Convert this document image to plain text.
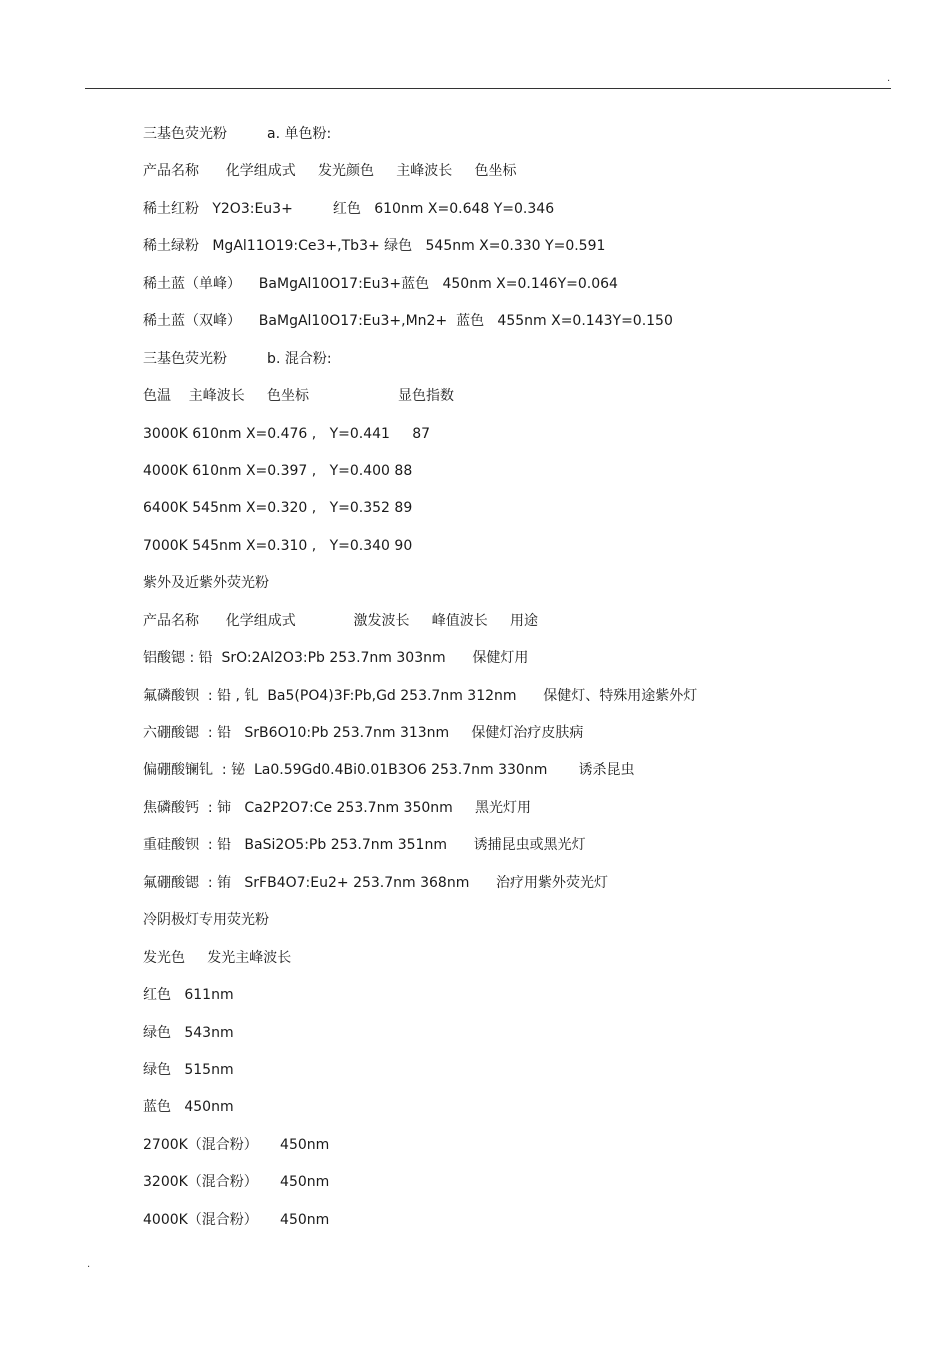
.
.
三基色荧光粉         a. 单色粉:
产品名称      化学组成式     发光颜色     主峰波长     色坐标
稀土红粉   Y2O3:Eu3+         红色   610nm X=0.648 Y=0.346
稀土绿粉   MgAl11O19:Ce3+,Tb3+ 绿色   545nm X=0.330 Y=0.591
稀土蓝（单峰）    BaMgAl10O17:Eu3+蓝色   450nm X=0.146Y=0.064
稀土蓝（双峰）    BaMgAl10O17:Eu3+,Mn2+  蓝色   455nm X=0.143Y=0.150
三基色荧光粉         b. 混合粉:
色温    主峰波长     色坐标                    显色指数
3000K 610nm X=0.476 ,   Y=0.441     87
4000K 610nm X=0.397 ,   Y=0.400 88
6400K 545nm X=0.320 ,   Y=0.352 89
7000K 545nm X=0.310 ,   Y=0.340 90
紫外及近紫外荧光粉
产品名称      化学组成式             激发波长     峰值波长     用途
铝酸锶 : 铅  SrO:2Al2O3:Pb 253.7nm 303nm      保健灯用
氟磷酸钡  : 铅 , 钆  Ba5(PO4)3F:Pb,Gd 253.7nm 312nm      保健灯、特殊用途紫外灯
六硼酸锶  : 铅   SrB6O10:Pb 253.7nm 313nm     保健灯治疗皮肤病
偏硼酸镧钆  : 铋  La0.59Gd0.4Bi0.01B3O6 253.7nm 330nm       诱杀昆虫
焦磷酸钙  : 铈   Ca2P2O7:Ce 253.7nm 350nm     黑光灯用
重硅酸钡  : 铅   BaSi2O5:Pb 253.7nm 351nm      诱捕昆虫或黑光灯
氟硼酸锶  : 铕   SrFB4O7:Eu2+ 253.7nm 368nm      治疗用紫外荧光灯
冷阴极灯专用荧光粉
发光色     发光主峰波长
红色   611nm
绿色   543nm
绿色   515nm
蓝色   450nm
2700K（混合粉）     450nm
3200K（混合粉）     450nm
4000K（混合粉）     450nm
